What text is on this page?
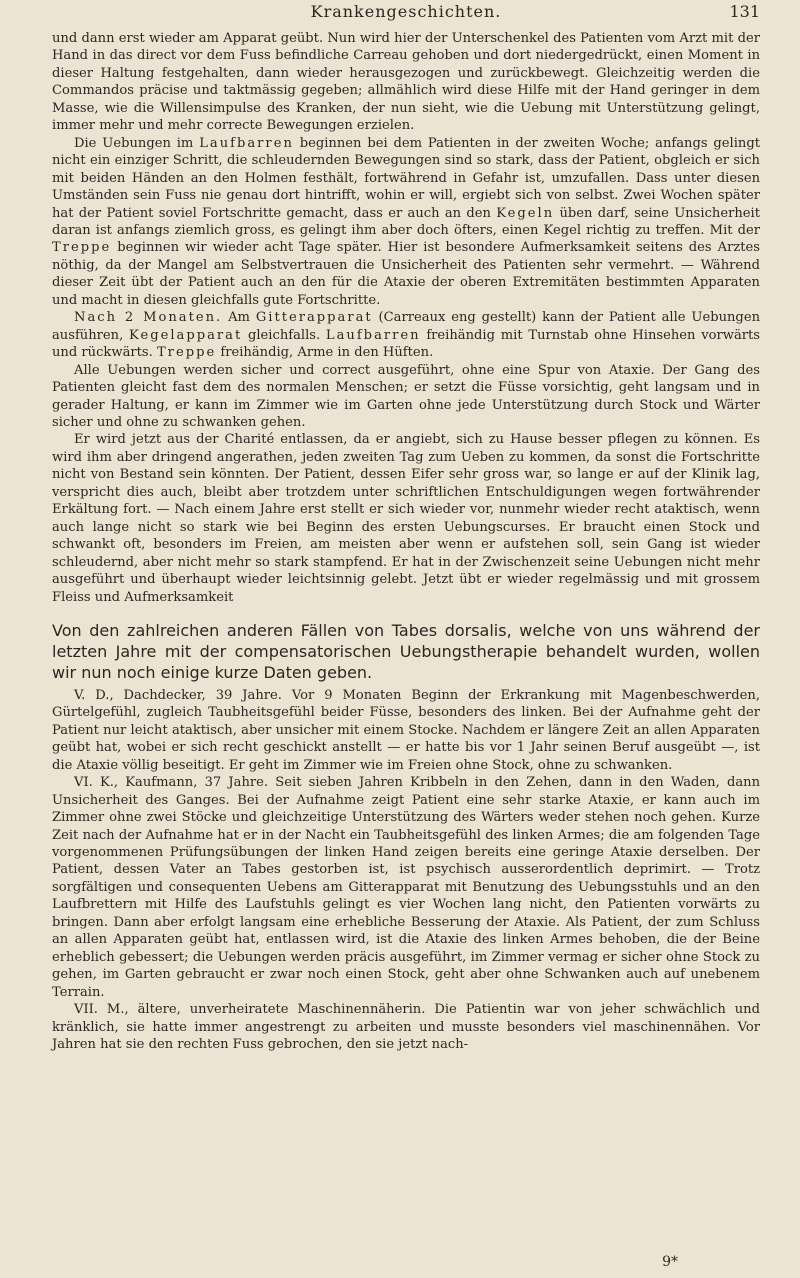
Krankengeschichten.	131

und dann erst wieder am Apparat geübt. Nun wird hier der Unterschenkel des Patienten vom Arzt mit der Hand in das direct vor dem Fuss befindliche Carreau gehoben und dort niedergedrückt, einen Moment in dieser Haltung festgehalten, dann wieder herausgezogen und zurückbewegt. Gleichzeitig werden die Commandos präcise und taktmässig gegeben; allmählich wird diese Hilfe mit der Hand geringer in dem Masse, wie die Willensimpulse des Kranken, der nun sieht, wie die Uebung mit Unterstützung gelingt, immer mehr und mehr correcte Bewegungen erzielen.

Die Uebungen im Laufbarren beginnen bei dem Patienten in der zweiten Woche; anfangs gelingt nicht ein einziger Schritt, die schleudernden Bewegungen sind so stark, dass der Patient, obgleich er sich mit beiden Händen an den Holmen festhält, fortwährend in Gefahr ist, umzufallen. Dass unter diesen Umständen sein Fuss nie genau dort hintrifft, wohin er will, ergiebt sich von selbst. Zwei Wochen später hat der Patient soviel Fortschritte gemacht, dass er auch an den Kegeln üben darf, seine Unsicherheit daran ist anfangs ziemlich gross, es gelingt ihm aber doch öfters, einen Kegel richtig zu treffen. Mit der Treppe beginnen wir wieder acht Tage später. Hier ist besondere Aufmerksamkeit seitens des Arztes nöthig, da der Mangel am Selbstvertrauen die Unsicherheit des Patienten sehr vermehrt. — Während dieser Zeit übt der Patient auch an den für die Ataxie der oberen Extremitäten bestimmten Apparaten und macht in diesen gleichfalls gute Fortschritte.

Nach 2 Monaten. Am Gitterapparat (Carreaux eng gestellt) kann der Patient alle Uebungen ausführen, Kegelapparat gleichfalls. Laufbarren freihändig mit Turnstab ohne Hinsehen vorwärts und rückwärts. Treppe freihändig, Arme in den Hüften.

Alle Uebungen werden sicher und correct ausgeführt, ohne eine Spur von Ataxie. Der Gang des Patienten gleicht fast dem des normalen Menschen; er setzt die Füsse vorsichtig, geht langsam und in gerader Haltung, er kann im Zimmer wie im Garten ohne jede Unterstützung durch Stock und Wärter sicher und ohne zu schwanken gehen.

Er wird jetzt aus der Charité entlassen, da er angiebt, sich zu Hause besser pflegen zu können. Es wird ihm aber dringend angerathen, jeden zweiten Tag zum Ueben zu kommen, da sonst die Fortschritte nicht von Bestand sein könnten. Der Patient, dessen Eifer sehr gross war, so lange er auf der Klinik lag, verspricht dies auch, bleibt aber trotzdem unter schriftlichen Entschuldigungen wegen fortwährender Erkältung fort. — Nach einem Jahre erst stellt er sich wieder vor, nunmehr wieder recht ataktisch, wenn auch lange nicht so stark wie bei Beginn des ersten Uebungscurses. Er braucht einen Stock und schwankt oft, besonders im Freien, am meisten aber wenn er aufstehen soll, sein Gang ist wieder schleudernd, aber nicht mehr so stark stampfend. Er hat in der Zwischenzeit seine Uebungen nicht mehr ausgeführt und überhaupt wieder leichtsinnig gelebt. Jetzt übt er wieder regelmässig und mit grossem Fleiss und Aufmerksamkeit

Von den zahlreichen anderen Fällen von Tabes dorsalis, welche von uns während der letzten Jahre mit der compensatorischen Uebungstherapie behandelt wurden, wollen wir nun noch einige kurze Daten geben.

V. D., Dachdecker, 39 Jahre. Vor 9 Monaten Beginn der Erkrankung mit Magenbeschwerden, Gürtelgefühl, zugleich Taubheitsgefühl beider Füsse, besonders des linken. Bei der Aufnahme geht der Patient nur leicht ataktisch, aber unsicher mit einem Stocke. Nachdem er längere Zeit an allen Apparaten geübt hat, wobei er sich recht geschickt anstellt — er hatte bis vor 1 Jahr seinen Beruf ausgeübt —, ist die Ataxie völlig beseitigt. Er geht im Zimmer wie im Freien ohne Stock, ohne zu schwanken.

VI. K., Kaufmann, 37 Jahre. Seit sieben Jahren Kribbeln in den Zehen, dann in den Waden, dann Unsicherheit des Ganges. Bei der Aufnahme zeigt Patient eine sehr starke Ataxie, er kann auch im Zimmer ohne zwei Stöcke und gleichzeitige Unterstützung des Wärters weder stehen noch gehen. Kurze Zeit nach der Aufnahme hat er in der Nacht ein Taubheitsgefühl des linken Armes; die am folgenden Tage vorgenommenen Prüfungsübungen der linken Hand zeigen bereits eine geringe Ataxie derselben. Der Patient, dessen Vater an Tabes gestorben ist, ist psychisch ausserordentlich deprimirt. — Trotz sorgfältigen und consequenten Uebens am Gitterapparat mit Benutzung des Uebungsstuhls und an den Laufbrettern mit Hilfe des Laufstuhls gelingt es vier Wochen lang nicht, den Patienten vorwärts zu bringen. Dann aber erfolgt langsam eine erhebliche Besserung der Ataxie. Als Patient, der zum Schluss an allen Apparaten geübt hat, entlassen wird, ist die Ataxie des linken Armes behoben, die der Beine erheblich gebessert; die Uebungen werden präcis ausgeführt, im Zimmer vermag er sicher ohne Stock zu gehen, im Garten gebraucht er zwar noch einen Stock, geht aber ohne Schwanken auch auf unebenem Terrain.

VII. M., ältere, unverheiratete Maschinennäherin. Die Patientin war von jeher schwächlich und kränklich, sie hatte immer angestrengt zu arbeiten und musste besonders viel maschinennähen. Vor Jahren hat sie den rechten Fuss gebrochen, den sie jetzt nach-

9*
